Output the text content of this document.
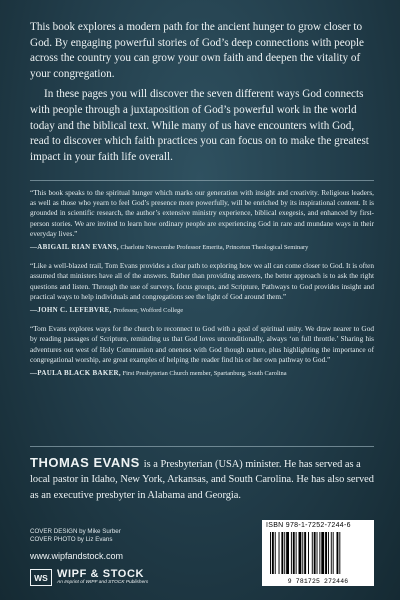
This book explores a modern path for the ancient hunger to grow closer to God. By engaging powerful stories of God’s deep connections with people across the country you can grow your own faith and deepen the vitality of your congregation.

In these pages you will discover the seven different ways God connects with people through a juxtaposition of God’s powerful work in the world today and the biblical text. While many of us have encounters with God, read to discover which faith practices you can focus on to make the greatest impact in your faith life overall.

“This book speaks to the spiritual hunger which marks our generation with insight and creativity. Religious leaders, as well as those who yearn to feel God’s presence more powerfully, will be enriched by its inspirational content. It is grounded in scientific research, the author’s extensive ministry experience, biblical exegesis, and enhanced by first-person stories. We are invited to learn how ordinary people are experiencing God in rare and mundane ways in their everyday lives.”
—ABIGAIL RIAN EVANS, Charlotte Newcombe Professor Emerita, Princeton Theological Seminary
“Like a well-blazed trail, Tom Evans provides a clear path to exploring how we all can come closer to God. It is often assumed that ministers have all of the answers. Rather than providing answers, the better approach is to ask the right questions and listen. Through the use of surveys, focus groups, and Scripture, Pathways to God provides insight and practical ways to help individuals and congregations see the light of God around them.”
—JOHN C. LEFEBVRE, Professor, Wofford College
“Tom Evans explores ways for the church to reconnect to God with a goal of spiritual unity. We draw nearer to God by reading passages of Scripture, reminding us that God loves unconditionally, always ‘on full throttle.’ Sharing his adventures out west of Holy Communion and oneness with God though nature, plus highlighting the importance of congregational worship, are great examples of helping the reader find his or her own pathway to God.”
—PAULA BLACK BAKER, First Presbyterian Church member, Spartanburg, South Carolina
THOMAS EVANS is a Presbyterian (USA) minister. He has served as a local pastor in Idaho, New York, Arkansas, and South Carolina. He has also served as an executive presbyter in Alabama and Georgia.
COVER DESIGN by Mike Surber
COVER PHOTO by Liz Evans
www.wipfandstock.com
WS WIPF & STOCK
An Imprint of WIPF and STOCK Publishers
ISBN 978-1-7252-7244-6
9 781725 272446
